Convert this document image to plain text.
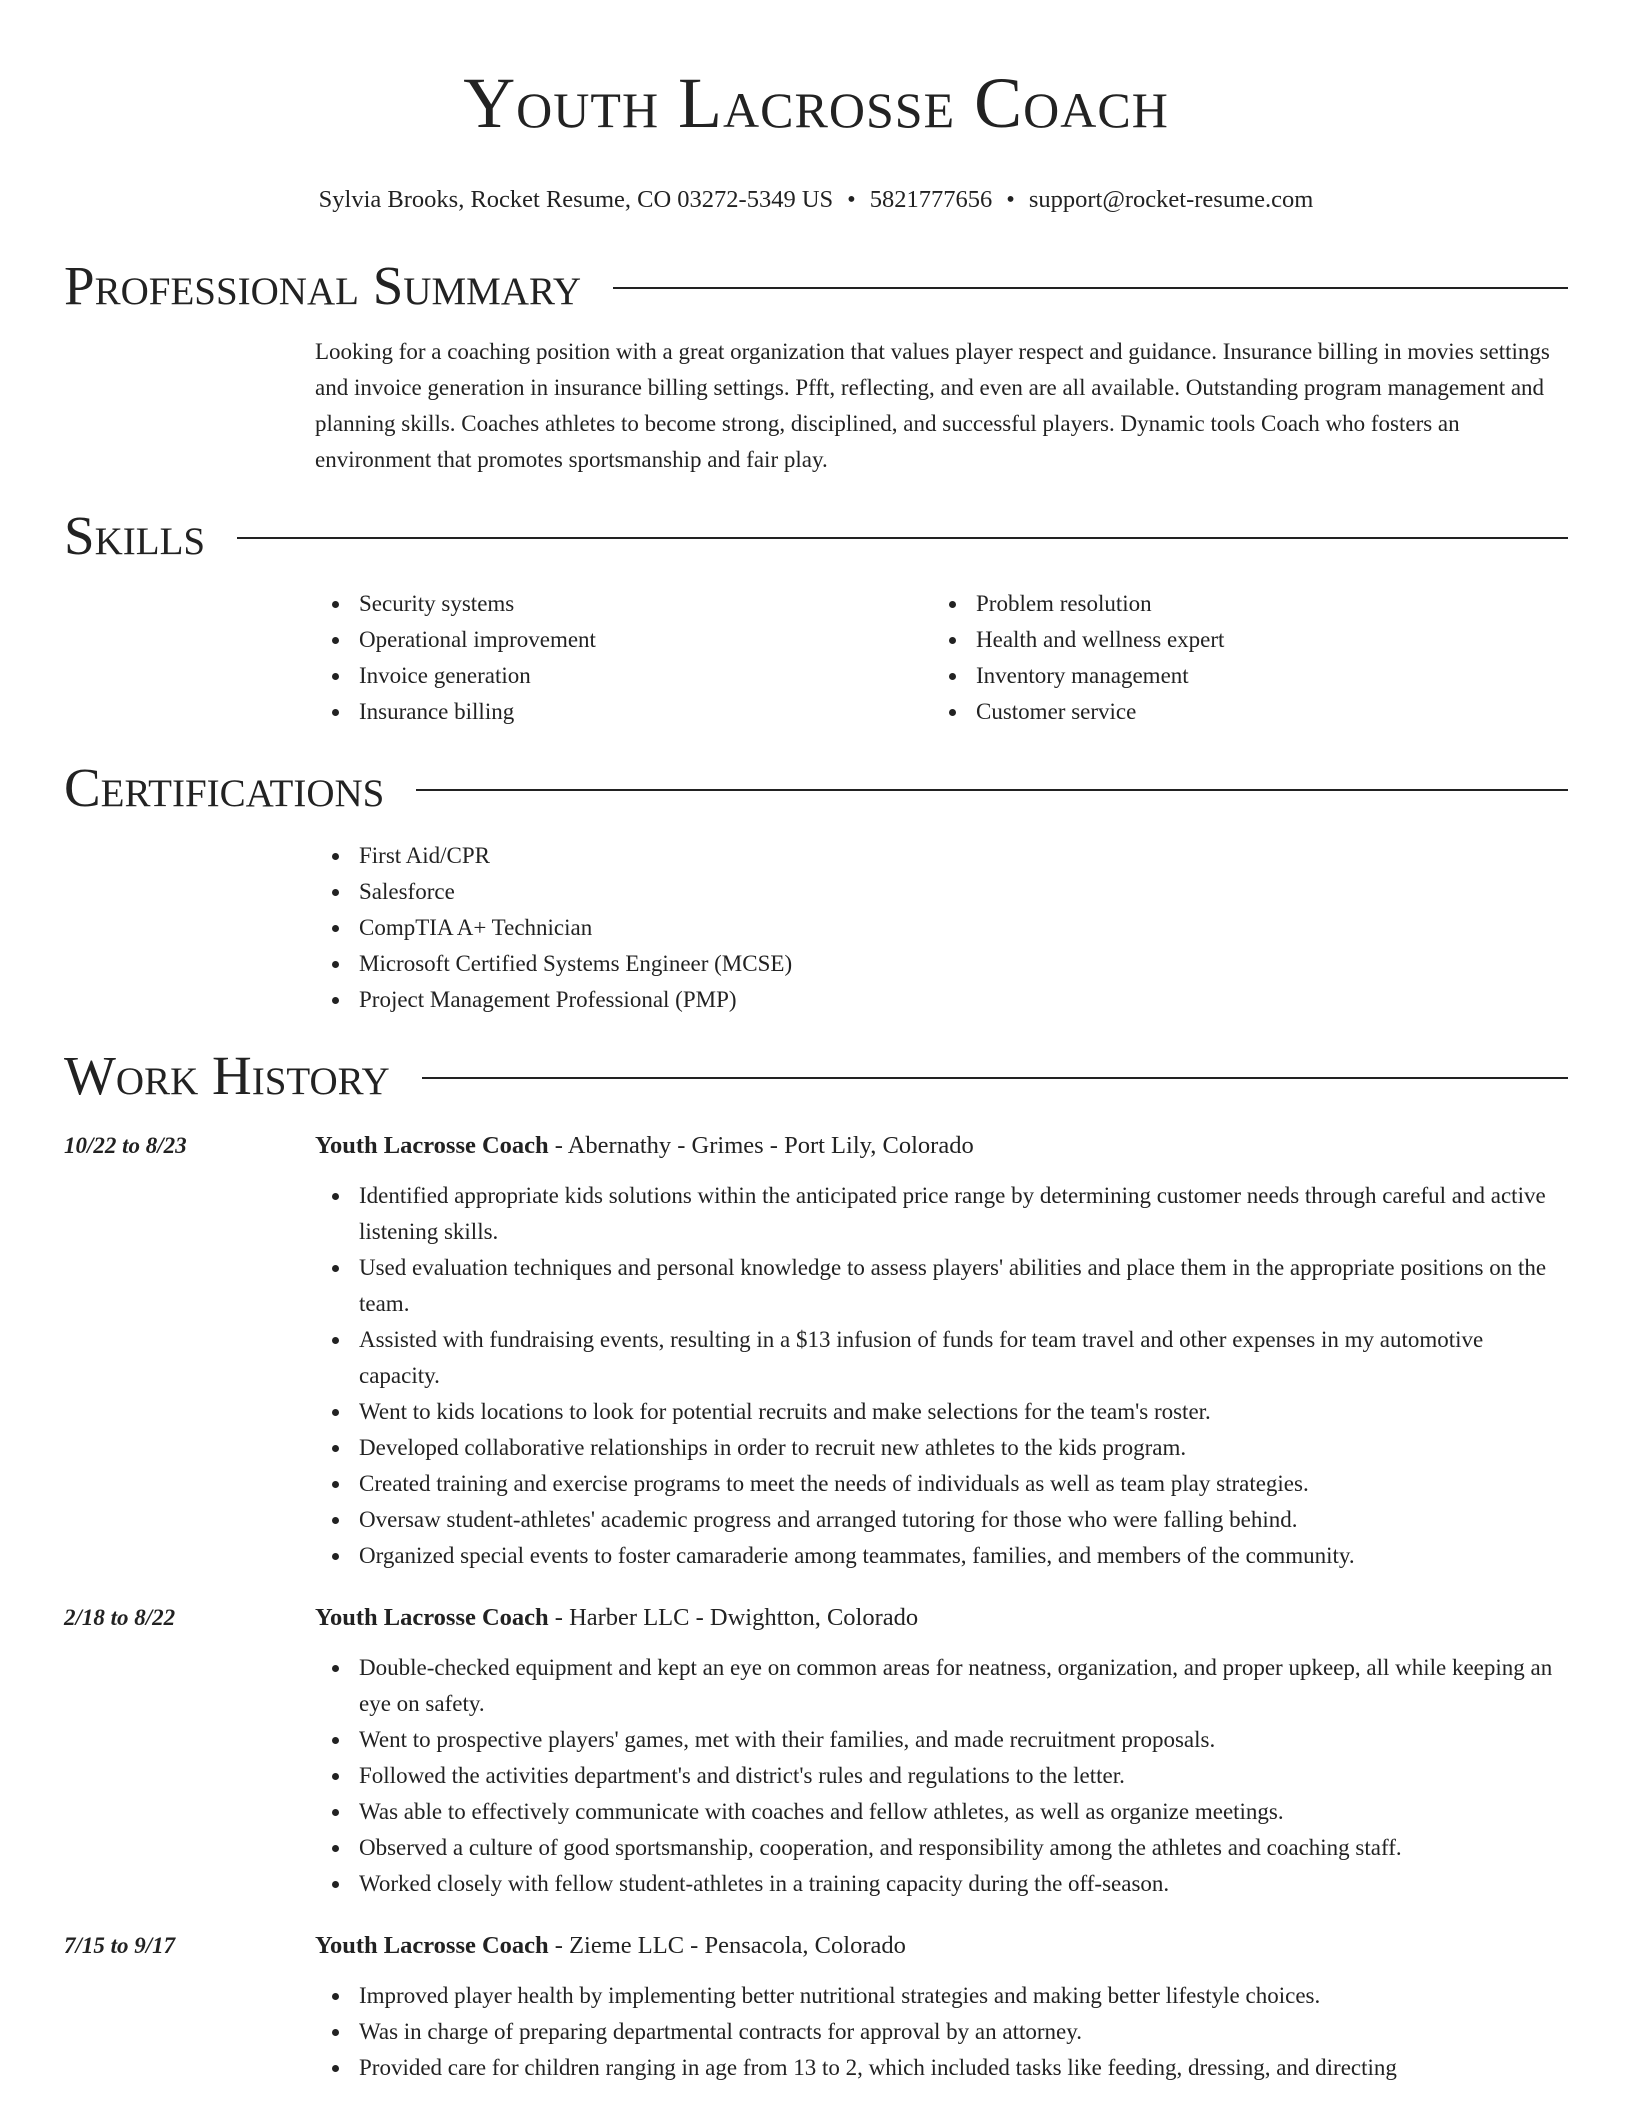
Youth Lacrosse Coach
Sylvia Brooks, Rocket Resume, CO 03272-5349 US • 5821777656 • support@rocket-resume.com
Professional Summary
Looking for a coaching position with a great organization that values player respect and guidance. Insurance billing in movies settings and invoice generation in insurance billing settings. Pfft, reflecting, and even are all available. Outstanding program management and planning skills. Coaches athletes to become strong, disciplined, and successful players. Dynamic tools Coach who fosters an environment that promotes sportsmanship and fair play.
Skills
Security systems
Operational improvement
Invoice generation
Insurance billing
Problem resolution
Health and wellness expert
Inventory management
Customer service
Certifications
First Aid/CPR
Salesforce
CompTIA A+ Technician
Microsoft Certified Systems Engineer (MCSE)
Project Management Professional (PMP)
Work History
10/22 to 8/23	Youth Lacrosse Coach - Abernathy - Grimes - Port Lily, Colorado
Identified appropriate kids solutions within the anticipated price range by determining customer needs through careful and active listening skills.
Used evaluation techniques and personal knowledge to assess players' abilities and place them in the appropriate positions on the team.
Assisted with fundraising events, resulting in a $13 infusion of funds for team travel and other expenses in my automotive capacity.
Went to kids locations to look for potential recruits and make selections for the team's roster.
Developed collaborative relationships in order to recruit new athletes to the kids program.
Created training and exercise programs to meet the needs of individuals as well as team play strategies.
Oversaw student-athletes' academic progress and arranged tutoring for those who were falling behind.
Organized special events to foster camaraderie among teammates, families, and members of the community.
2/18 to 8/22	Youth Lacrosse Coach - Harber LLC - Dwightton, Colorado
Double-checked equipment and kept an eye on common areas for neatness, organization, and proper upkeep, all while keeping an eye on safety.
Went to prospective players' games, met with their families, and made recruitment proposals.
Followed the activities department's and district's rules and regulations to the letter.
Was able to effectively communicate with coaches and fellow athletes, as well as organize meetings.
Observed a culture of good sportsmanship, cooperation, and responsibility among the athletes and coaching staff.
Worked closely with fellow student-athletes in a training capacity during the off-season.
7/15 to 9/17	Youth Lacrosse Coach - Zieme LLC - Pensacola, Colorado
Improved player health by implementing better nutritional strategies and making better lifestyle choices.
Was in charge of preparing departmental contracts for approval by an attorney.
Provided care for children ranging in age from 13 to 2, which included tasks like feeding, dressing, and directing
